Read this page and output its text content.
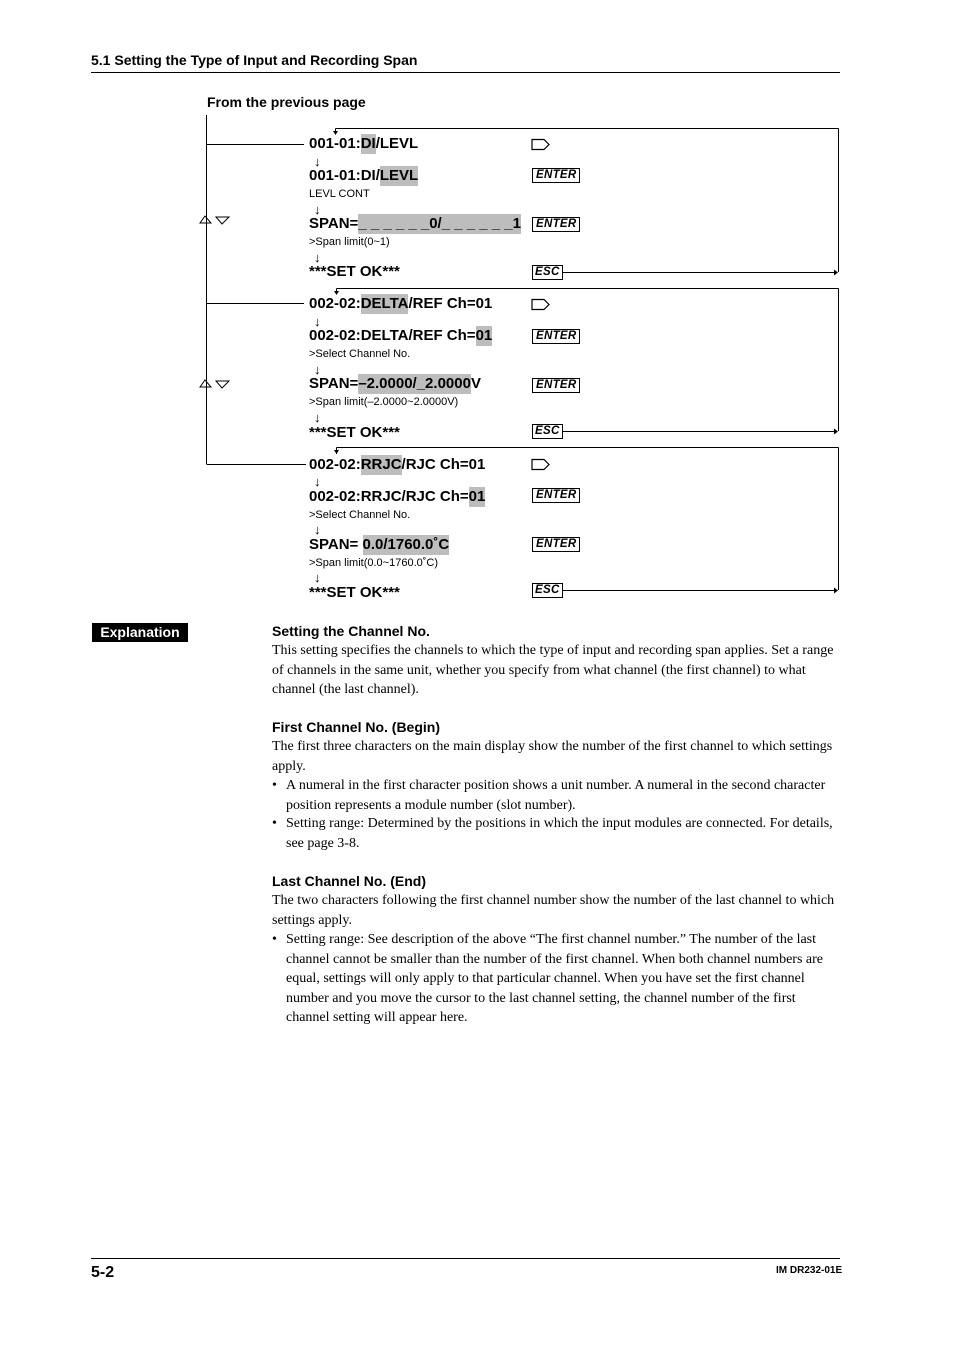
5.1 Setting the Type of Input and Recording Span
From the previous page
001-01:DI/LEVL
↓
001-01:DI/LEVL	ENTER
LEVL CONT
↓
SPAN=_ _ _ _ _ _0/_ _ _ _ _ _1	ENTER
>Span limit(0~1)
↓
***SET OK***	ESC
002-02:DELTA/REF Ch=01
↓
002-02:DELTA/REF Ch=01	ENTER
>Select Channel No.
↓
SPAN=–2.0000/_2.0000V	ENTER
>Span limit(–2.0000~2.0000V)
↓
***SET OK***	ESC
002-02:RRJC/RJC Ch=01
↓
002-02:RRJC/RJC Ch=01	ENTER
>Select Channel No.
↓
SPAN= 0.0/1760.0˚C	ENTER
>Span limit(0.0~1760.0˚C)
↓
***SET OK***	ESC
Explanation	Setting the Channel No.

This setting specifies the channels to which the type of input and recording span applies. Set a range of channels in the same unit, whether you specify from what channel (the first channel) to what channel (the last channel).

First Channel No. (Begin)

The first three characters on the main display show the number of the first channel to which settings apply.

• A numeral in the first character position shows a unit number. A numeral in the second character position represents a module number (slot number).
• Setting range: Determined by the positions in which the input modules are connected. For details, see page 3-8.
Last Channel No. (End)

The two characters following the first channel number show the number of the last channel to which settings apply.

• Setting range: See description of the above “The first channel number.” The number of the last channel cannot be smaller than the number of the first channel. When both channel numbers are equal, settings will only apply to that particular channel. When you have set the first channel number and you move the cursor to the last channel setting, the channel number of the first channel setting will appear here.
5-2	IM DR232-01E
